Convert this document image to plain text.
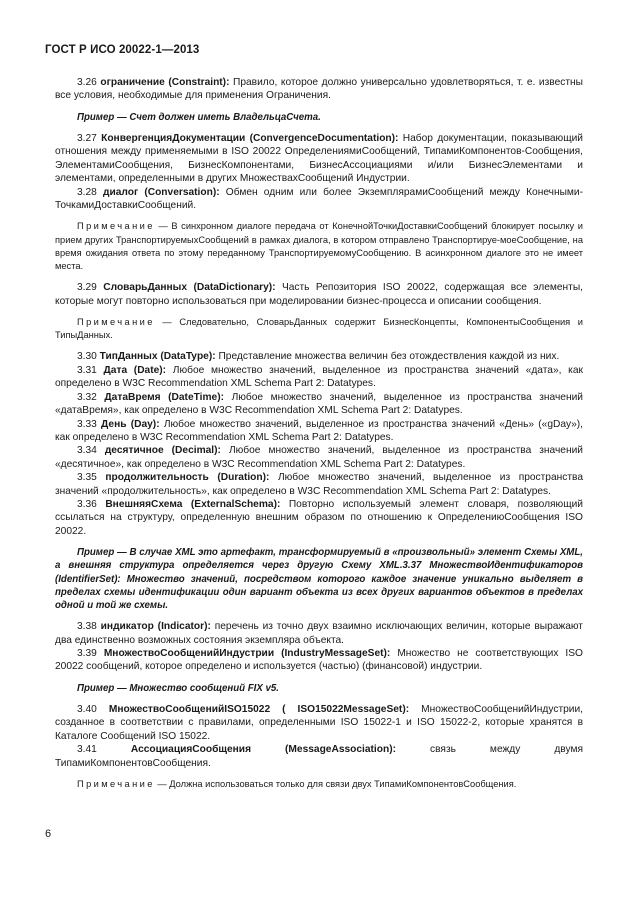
ГОСТ Р ИСО 20022-1—2013

3.26 ограничение (Constraint): Правило, которое должно универсально удовлетворяться, т. е. известны все условия, необходимые для применения Ограничения.

Пример — Счет должен иметь ВладельцаСчета.

3.27 КонвергенцияДокументации (ConvergenceDocumentation): Набор документации, показывающий отношения между применяемыми в ISO 20022 ОпределениямиСообщений, ТипамиКомпонентов-Сообщения, ЭлементамиСообщения, БизнесКомпонентами, БизнесАссоциациями и/или БизнесЭлементами и элементами, определенными в других МножествахСообщений Индустрии.

3.28 диалог (Conversation): Обмен одним или более ЭкземплярамиСообщений между Конечными-ТочкамиДоставкиСообщений.

Примечание — В синхронном диалоге передача от КонечнойТочкиДоставкиСообщений блокирует посылку и прием других ТранспортируемыхСообщений в рамках диалога, в котором отправлено Транспортируе-моеСообщение, на время ожидания ответа по этому переданному ТранспортируемомуСообщению. В асинхронном диалоге это не имеет места.

3.29 СловарьДанных (DataDictionary): Часть Репозитория ISO 20022, содержащая все элементы, которые могут повторно использоваться при моделировании бизнес-процесса и описании сообщения.

Примечание — Следовательно, СловарьДанных содержит БизнесКонцепты, КомпонентыСообщения и ТипыДанных.

3.30 ТипДанных (DataType): Представление множества величин без отождествления каждой из них.

3.31 Дата (Date): Любое множество значений, выделенное из пространства значений «дата», как определено в W3C Recommendation XML Schema Part 2: Datatypes.

3.32 ДатаВремя (DateTime): Любое множество значений, выделенное из пространства значений «датаВремя», как определено в W3C Recommendation XML Schema Part 2: Datatypes.

3.33 День (Day): Любое множество значений, выделенное из пространства значений «День» («gDay»), как определено в W3C Recommendation XML Schema Part 2: Datatypes.

3.34 десятичное (Decimal): Любое множество значений, выделенное из пространства значений «десятичное», как определено в W3C Recommendation XML Schema Part 2: Datatypes.

3.35 продолжительность (Duration): Любое множество значений, выделенное из пространства значений «продолжительность», как определено в W3C Recommendation XML Schema Part 2: Datatypes.

3.36 ВнешняяСхема (ExternalSchema): Повторно используемый элемент словаря, позволяющий ссылаться на структуру, определенную внешним образом по отношению к ОпределениюСообщения ISO 20022.

Пример — В случае XML это артефакт, трансформируемый в «произвольный» элемент Схемы XML, а внешняя структура определяется через другую Схему XML.3.37 МножествоИдентификаторов (IdentifierSet): Множество значений, посредством которого каждое значение уникально выделяет в пределах схемы идентификации один вариант объекта из всех других вариантов объектов в пределах одной и той же схемы.

3.38 индикатор (Indicator): перечень из точно двух взаимно исключающих величин, которые выражают два единственно возможных состояния экземпляра объекта.

3.39 МножествоСообщенийИндустрии (IndustryMessageSet): Множество не соответствующих ISO 20022 сообщений, которое определено и используется (частью) (финансовой) индустрии.

Пример — Множество сообщений FIX v5.

3.40 МножествоСообщенийISO15022 ( ISO15022MessageSet): МножествоСообщенийИндустрии, созданное в соответствии с правилами, определенными ISO 15022-1 и ISO 15022-2, которые хранятся в Каталоге Сообщений ISO 15022.

3.41	АссоциацияСообщения (MessageAssociation):	связь между двумя ТипамиКомпонентовСообщения.

Примечание — Должна использоваться только для связи двух ТипамиКомпонентовСообщения.

6
